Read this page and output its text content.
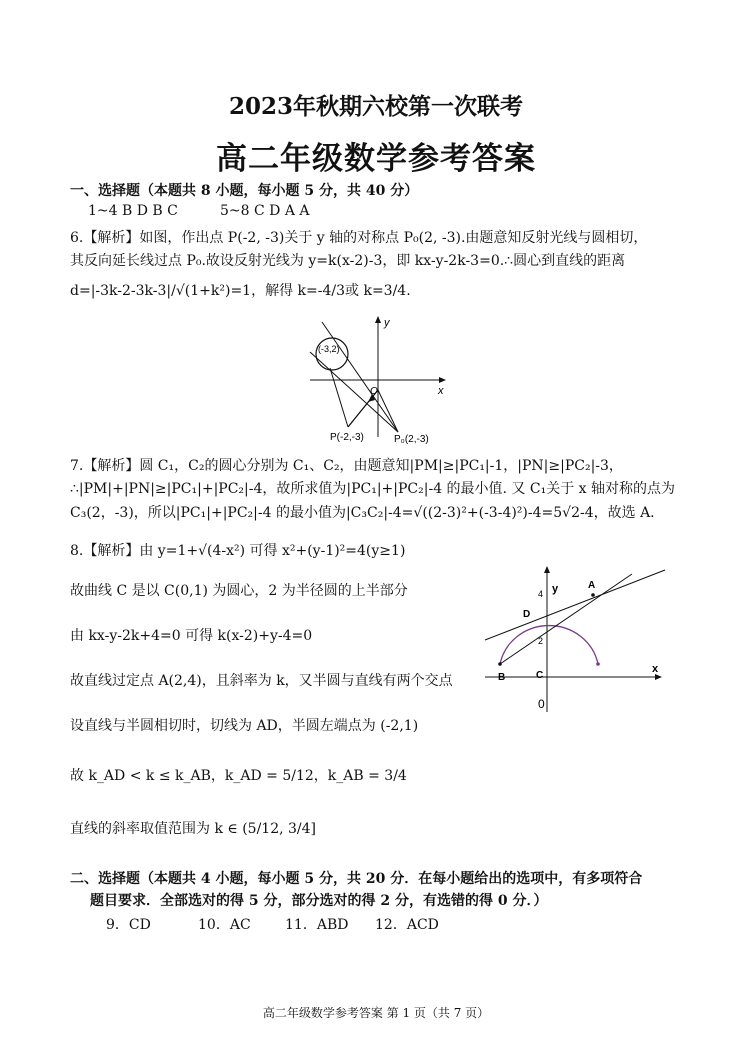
2023年秋期六校第一次联考
高二年级数学参考答案
一、选择题（本题共 8 小题，每小题 5 分，共 40 分）
1~4 B D B C	5~8 C D A A
6.【解析】如图，作出点 P(-2, -3)关于 y 轴的对称点 P₀(2, -3).由题意知反射光线与圆相切，
其反向延长线过点 P₀.故设反射光线为 y=k(x-2)-3，即 kx-y-2k-3=0.∴圆心到直线的距离
d=|-3k-2-3k-3|/√(1+k²)=1，解得 k=-4/3或 k=3/4.
y
x
O
(-3,2)
P(-2,-3)	P₀(2,-3)
7.【解析】圆 C₁，C₂的圆心分别为 C₁、C₂，由题意知|PM|≥|PC₁|-1，|PN|≥|PC₂|-3，
∴|PM|+|PN|≥|PC₁|+|PC₂|-4，故所求值为|PC₁|+|PC₂|-4 的最小值. 又 C₁关于 x 轴对称的点为
C₃(2，-3)，所以|PC₁|+|PC₂|-4 的最小值为|C₃C₂|-4=√((2-3)²+(-3-4)²)-4=5√2-4，故选 A.
8.【解析】由 y=1+√(4-x²) 可得 x²+(y-1)²=4(y≥1)
故曲线 C 是以 C(0,1) 为圆心，2 为半径圆的上半部分
由 kx-y-2k+4=0 可得 k(x-2)+y-4=0
故直线过定点 A(2,4)，且斜率为 k，又半圆与直线有两个交点
设直线与半圆相切时，切线为 AD，半圆左端点为 (-2,1)
故 k_AD < k ≤ k_AB，k_AD = 5/12，k_AB = 3/4
直线的斜率取值范围为 k ∈ (5/12, 3/4]
y
x
A
B	C
D
0
4
2
二、选择题（本题共 4 小题，每小题 5 分，共 20 分．在每小题给出的选项中，有多项符合
题目要求．全部选对的得 5 分，部分选对的得 2 分，有选错的得 0 分．）
9．CD	10．AC 11．ABD 12．ACD
高二年级数学参考答案 第 1 页（共 7 页）
